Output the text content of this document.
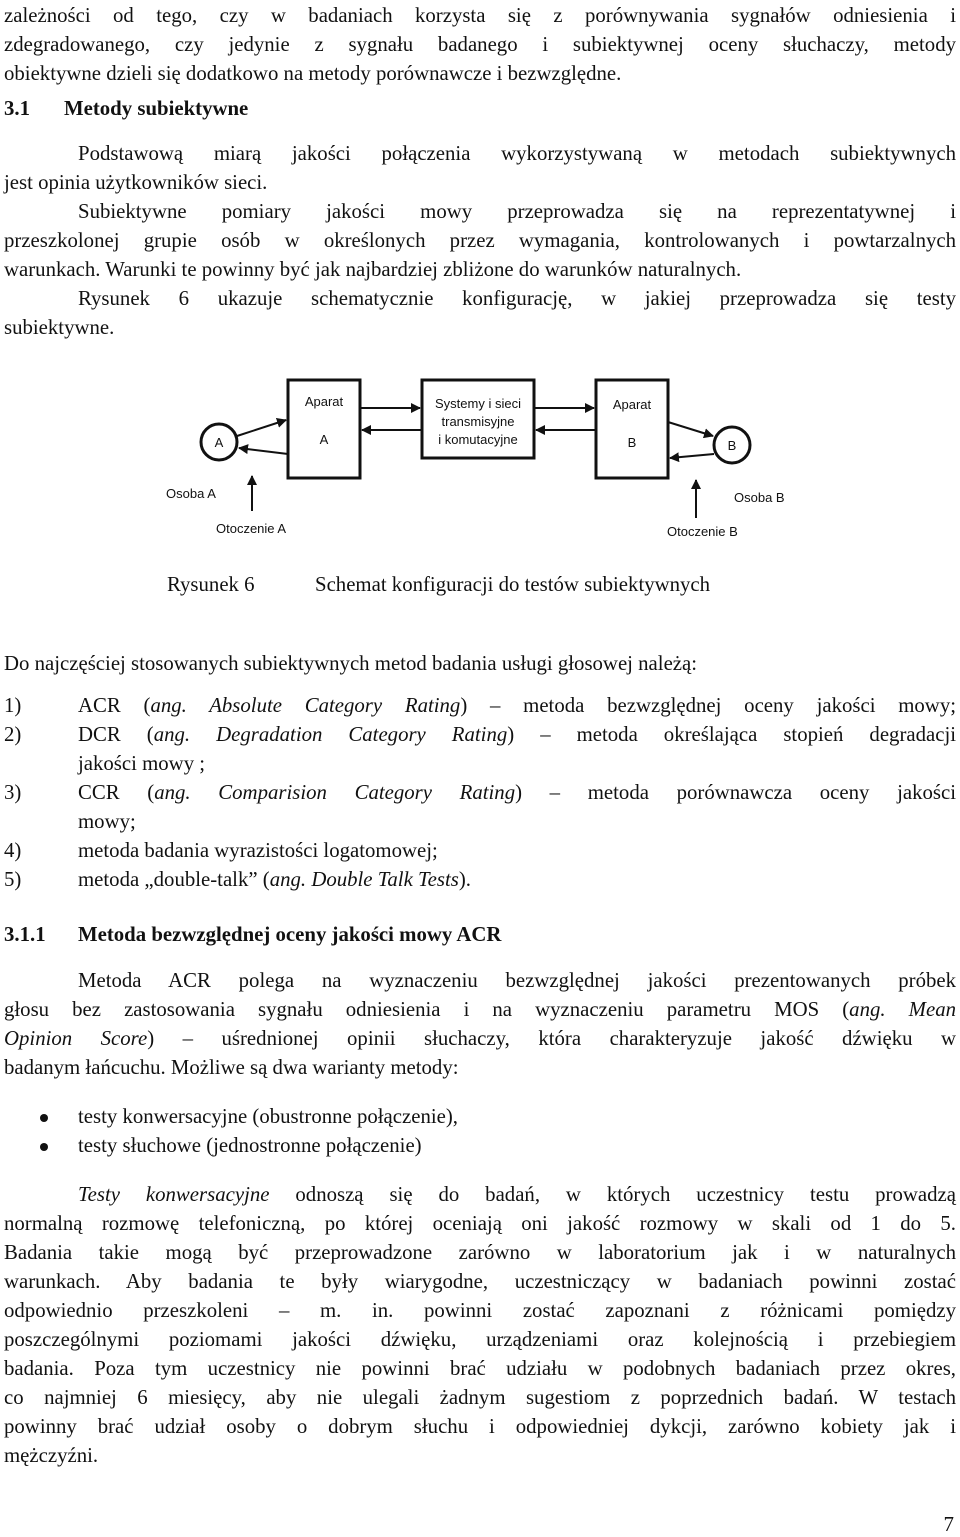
zależności od tego, czy w badaniach korzysta się z porównywania sygnałów odniesienia i
zdegradowanego, czy jedynie z sygnału badanego i subiektywnej oceny słuchaczy, metody
obiektywne dzieli się dodatkowo na metody porównawcze i bezwzględne.
3.1 Metody subiektywne
Podstawową miarą jakości połączenia wykorzystywaną w metodach subiektywnych
jest opinia użytkowników sieci.
Subiektywne pomiary jakości mowy przeprowadza się na reprezentatywnej i
przeszkolonej grupie osób w określonych przez wymagania, kontrolowanych i powtarzalnych
warunkach. Warunki te powinny być jak najbardziej zbliżone do warunków naturalnych.
Rysunek 6 ukazuje schematycznie konfigurację, w jakiej przeprowadza się testy
subiektywne.
A
Aparat
A
Systemy i sieci
transmisyjne
i komutacyjne
Aparat
B	B
Osoba A
Otoczenie A
Osoba B
Otoczenie B
Rysunek 6	Schemat konfiguracji do testów subiektywnych
Do najczęściej stosowanych subiektywnych metod badania usługi głosowej należą:
1)	ACR (ang. Absolute Category Rating) – metoda bezwzględnej oceny jakości mowy;
2)	DCR (ang. Degradation Category Rating) – metoda określająca stopień degradacji
jakości mowy ;
3)	CCR (ang. Comparision Category Rating) – metoda porównawcza oceny jakości
mowy;
4)	metoda badania wyrazistości logatomowej;
5)	metoda „double-talk” (ang. Double Talk Tests).
3.1.1 Metoda bezwzględnej oceny jakości mowy ACR
Metoda ACR polega na wyznaczeniu bezwzględnej jakości prezentowanych próbek
głosu bez zastosowania sygnału odniesienia i na wyznaczeniu parametru MOS (ang. Mean
Opinion Score) – uśrednionej opinii słuchaczy, która charakteryzuje jakość dźwięku w
badanym łańcuchu. Możliwe są dwa warianty metody:
testy konwersacyjne (obustronne połączenie),
testy słuchowe (jednostronne połączenie)
Testy konwersacyjne odnoszą się do badań, w których uczestnicy testu prowadzą
normalną rozmowę telefoniczną, po której oceniają oni jakość rozmowy w skali od 1 do 5.
Badania takie mogą być przeprowadzone zarówno w laboratorium jak i w naturalnych
warunkach. Aby badania te były wiarygodne, uczestniczący w badaniach powinni zostać
odpowiednio przeszkoleni – m. in. powinni zostać zapoznani z różnicami pomiędzy
poszczególnymi poziomami jakości dźwięku, urządzeniami oraz kolejnością i przebiegiem
badania. Poza tym uczestnicy nie powinni brać udziału w podobnych badaniach przez okres,
co najmniej 6 miesięcy, aby nie ulegali żadnym sugestiom z poprzednich badań. W testach
powinny brać udział osoby o dobrym słuchu i odpowiedniej dykcji, zarówno kobiety jak i
mężczyźni.
7
